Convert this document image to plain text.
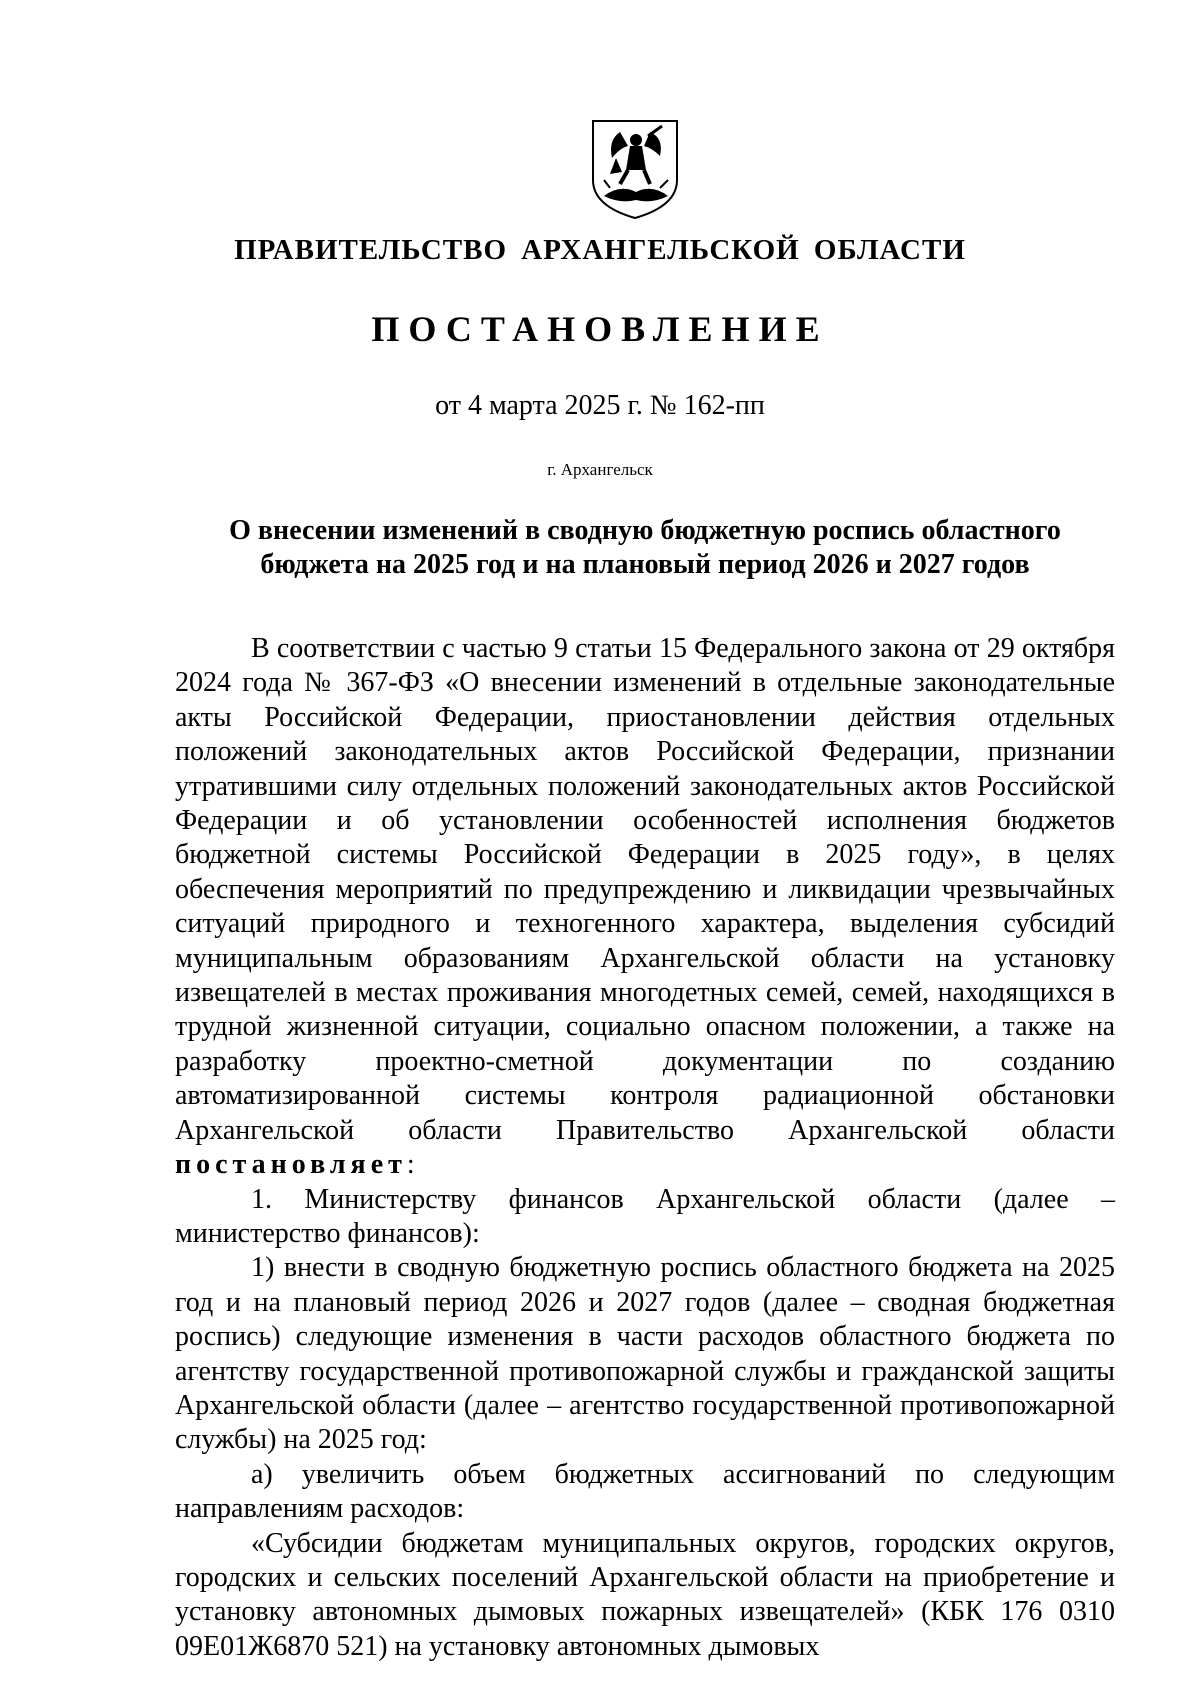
ПРАВИТЕЛЬСТВО АРХАНГЕЛЬСКОЙ ОБЛАСТИ
ПОСТАНОВЛЕНИЕ
от 4 марта 2025 г. № 162-пп
г. Архангельск
О внесении изменений в сводную бюджетную роспись областного
бюджета на 2025 год и на плановый период 2026 и 2027 годов

В соответствии с частью 9 статьи 15 Федерального закона от 29 октября 2024 года № 367-ФЗ «О внесении изменений в отдельные законодательные акты Российской Федерации, приостановлении действия отдельных положений законодательных актов Российской Федерации, признании утратившими силу отдельных положений законодательных актов Российской Федерации и об установлении особенностей исполнения бюджетов бюджетной системы Российской Федерации в 2025 году», в целях обеспечения мероприятий по предупреждению и ликвидации чрезвычайных ситуаций природного и техногенного характера, выделения субсидий муниципальным образованиям Архангельской области на установку извещателей в местах проживания многодетных семей, семей, находящихся в трудной жизненной ситуации, социально опасном положении, а также на разработку проектно-сметной документации по созданию автоматизированной системы контроля радиационной обстановки Архангельской области Правительство Архангельской области постановляет:

1. Министерству финансов Архангельской области (далее – министерство финансов):

1) внести в сводную бюджетную роспись областного бюджета на 2025 год и на плановый период 2026 и 2027 годов (далее – сводная бюджетная роспись) следующие изменения в части расходов областного бюджета по агентству государственной противопожарной службы и гражданской защиты Архангельской области (далее – агентство государственной противопожарной службы) на 2025 год:

а) увеличить объем бюджетных ассигнований по следующим направлениям расходов:

«Субсидии бюджетам муниципальных округов, городских округов, городских и сельских поселений Архангельской области на приобретение и установку автономных дымовых пожарных извещателей» (КБК 176 0310 09Е01Ж6870 521) на установку автономных дымовых
